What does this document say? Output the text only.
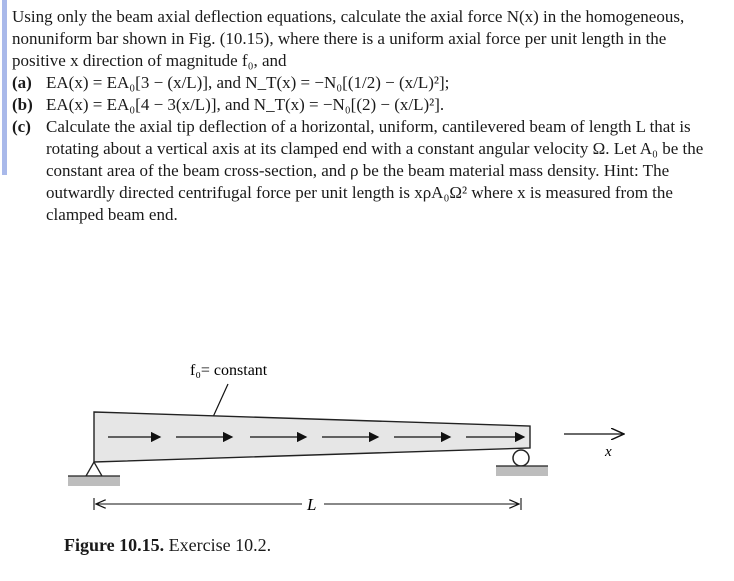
Using only the beam axial deflection equations, calculate the axial force N(x) in the homogeneous, nonuniform bar shown in Fig. (10.15), where there is a uniform axial force per unit length in the positive x direction of magnitude f₀, and

(a) EA(x) = EA₀[3 − (x/L)], and N_T(x) = −N₀[(1/2) − (x/L)²];
(b) EA(x) = EA₀[4 − 3(x/L)], and N_T(x) = −N₀[(2) − (x/L)²].
(c) Calculate the axial tip deflection of a horizontal, uniform, cantilevered beam of length L that is rotating about a vertical axis at its clamped end with a constant angular velocity Ω. Let A₀ be the constant area of the beam cross-section, and ρ be the beam material mass density. Hint: The outwardly directed centrifugal force per unit length is xρA₀Ω² where x is measured from the clamped beam end.
f₀= constant
L
x
Figure 10.15. Exercise 10.2.
